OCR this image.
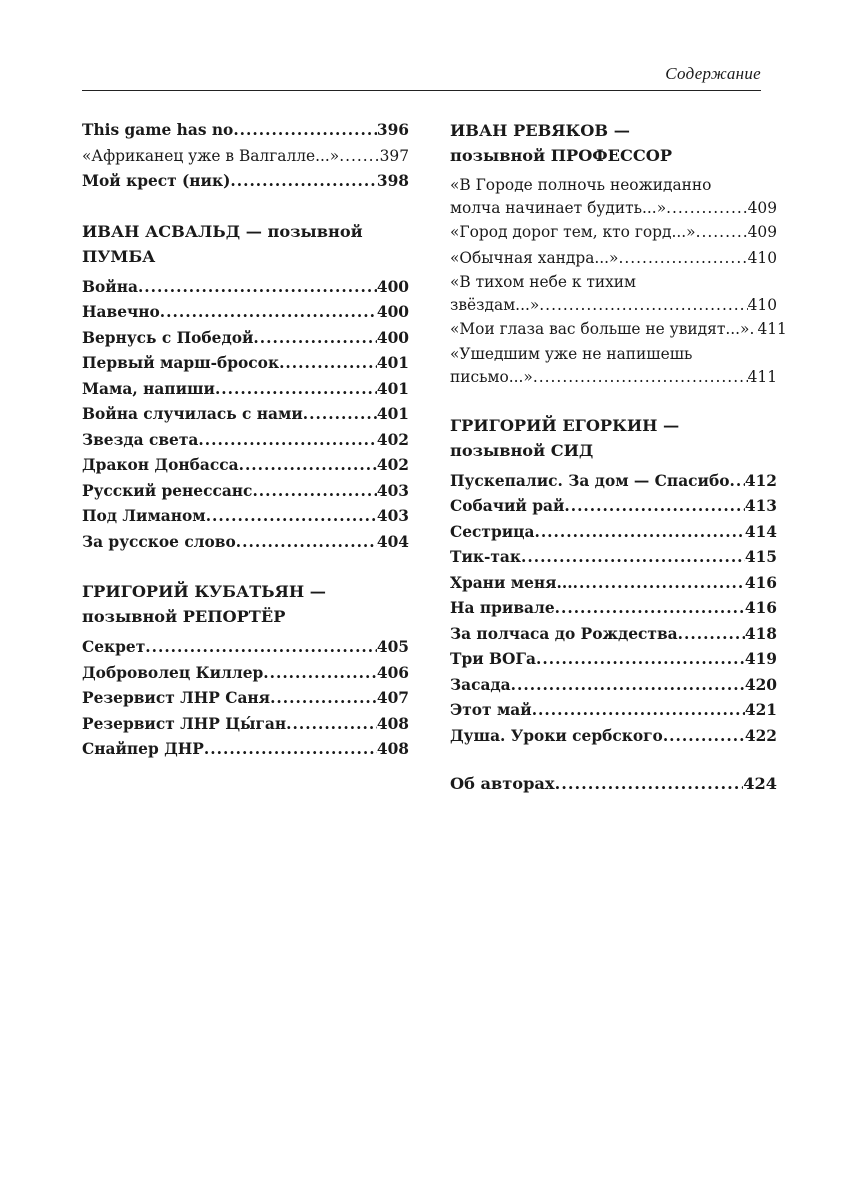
Содержание
This game has no .....	396
«Африканец уже в Валгалле...» .....	397
Мой крест (ник) .....	398
ИВАН АСВАЛЬД — позывной
ПУМБА
Война .....	400
Навечно .....	400
Вернусь с Победой .....	400
Первый марш-бросок .....	401
Мама, напиши .....	401
Война случилась с нами .....	401
Звезда света .....	402
Дракон Донбасса .....	402
Русский ренессанс .....	403
Под Лиманом .....	403
За русское слово .....	404
ГРИГОРИЙ КУБАТЬЯН —
позывной РЕПОРТЁР
Секрет .....	405
Доброволец Киллер .....	406
Резервист ЛНР Саня .....	407
Резервист ЛНР Цы́ган .....	408
Снайпер ДНР .....	408
ИВАН РЕВЯКОВ —
позывной ПРОФЕССОР
«В Городе полночь неожиданно
молча начинает будить...» .....	409
«Город дорог тем, кто горд...» .....	409
«Обычная хандра...» .....	410
«В тихом небе к тихим
звёздам...» .....	410
«Мои глаза вас больше не увидят...» ..... 411
«Ушедшим уже не напишешь
письмо...» .....	411
ГРИГОРИЙ ЕГОРКИН —
позывной СИД
Пускепалис. За дом — Спасибо ..... 412
Собачий рай .....	413
Сестрица .....	414
Тик-так .....	415
Храни меня... .....	416
На привале .....	416
За полчаса до Рождества .....	418
Три ВОГа .....	419
Засада .....	420
Этот май .....	421
Душа. Уроки сербского .....	422
Об авторах .....	424
